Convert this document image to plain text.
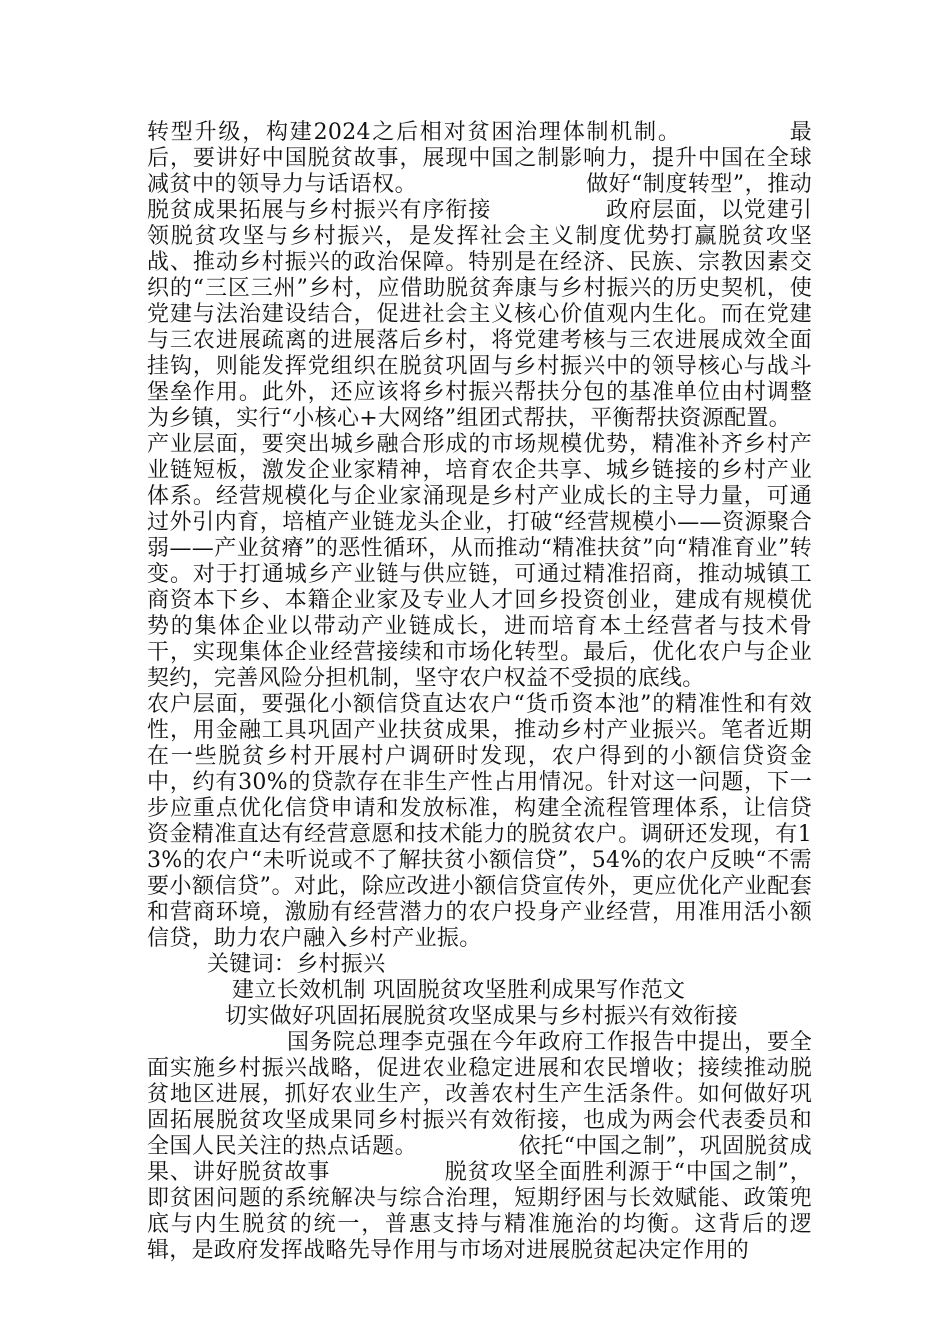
转型升级，构建2024之后相对贫困治理体制机制。　　　　　最后，要讲好中国脱贫故事，展现中国之制影响力，提升中国在全球减贫中的领导力与话语权。　　　　　　　　做好“制度转型”，推动脱贫成果拓展与乡村振兴有序衔接　　　　　政府层面，以党建引领脱贫攻坚与乡村振兴，是发挥社会主义制度优势打赢脱贫攻坚战、推动乡村振兴的政治保障。特别是在经济、民族、宗教因素交织的“三区三州”乡村，应借助脱贫奔康与乡村振兴的历史契机，使党建与法治建设结合，促进社会主义核心价值观内生化。而在党建与三农进展疏离的进展落后乡村，将党建考核与三农进展成效全面挂钩，则能发挥党组织在脱贫巩固与乡村振兴中的领导核心与战斗堡垒作用。此外，还应该将乡村振兴帮扶分包的基准单位由村调整为乡镇，实行“小核心+大网络”组团式帮扶，平衡帮扶资源配置。

产业层面，要突出城乡融合形成的市场规模优势，精准补齐乡村产业链短板，激发企业家精神，培育农企共享、城乡链接的乡村产业体系。经营规模化与企业家涌现是乡村产业成长的主导力量，可通过外引内育，培植产业链龙头企业，打破“经营规模小——资源聚合弱——产业贫瘠”的恶性循环，从而推动“精准扶贫”向“精准育业”转变。对于打通城乡产业链与供应链，可通过精准招商，推动城镇工商资本下乡、本籍企业家及专业人才回乡投资创业，建成有规模优势的集体企业以带动产业链成长，进而培育本土经营者与技术骨干，实现集体企业经营接续和市场化转型。最后，优化农户与企业契约，完善风险分担机制，坚守农户权益不受损的底线。

农户层面，要强化小额信贷直达农户“货币资本池”的精准性和有效性，用金融工具巩固产业扶贫成果，推动乡村产业振兴。笔者近期在一些脱贫乡村开展村户调研时发现，农户得到的小额信贷资金中，约有30%的贷款存在非生产性占用情况。针对这一问题，下一步应重点优化信贷申请和发放标准，构建全流程管理体系，让信贷资金精准直达有经营意愿和技术能力的脱贫农户。调研还发现，有13%的农户“未听说或不了解扶贫小额信贷”，54%的农户反映“不需要小额信贷”。对此，除应改进小额信贷宣传外，更应优化产业配套和营商环境，激励有经营潜力的农户投身产业经营，用准用活小额信贷，助力农户融入乡村产业振。

关键词：乡村振兴

建立长效机制 巩固脱贫攻坚胜利成果写作范文

切实做好巩固拓展脱贫攻坚成果与乡村振兴有效衔接

国务院总理李克强在今年政府工作报告中提出，要全面实施乡村振兴战略，促进农业稳定进展和农民增收；接续推动脱贫地区进展，抓好农业生产，改善农村生产生活条件。如何做好巩固拓展脱贫攻坚成果同乡村振兴有效衔接，也成为两会代表委员和全国人民关注的热点话题。　　　　　依托“中国之制”，巩固脱贫成果、讲好脱贫故事　　　　　脱贫攻坚全面胜利源于“中国之制”，即贫困问题的系统解决与综合治理，短期纾困与长效赋能、政策兜底与内生脱贫的统一，普惠支持与精准施治的均衡。这背后的逻辑，是政府发挥战略先导作用与市场对进展脱贫起决定作用的
